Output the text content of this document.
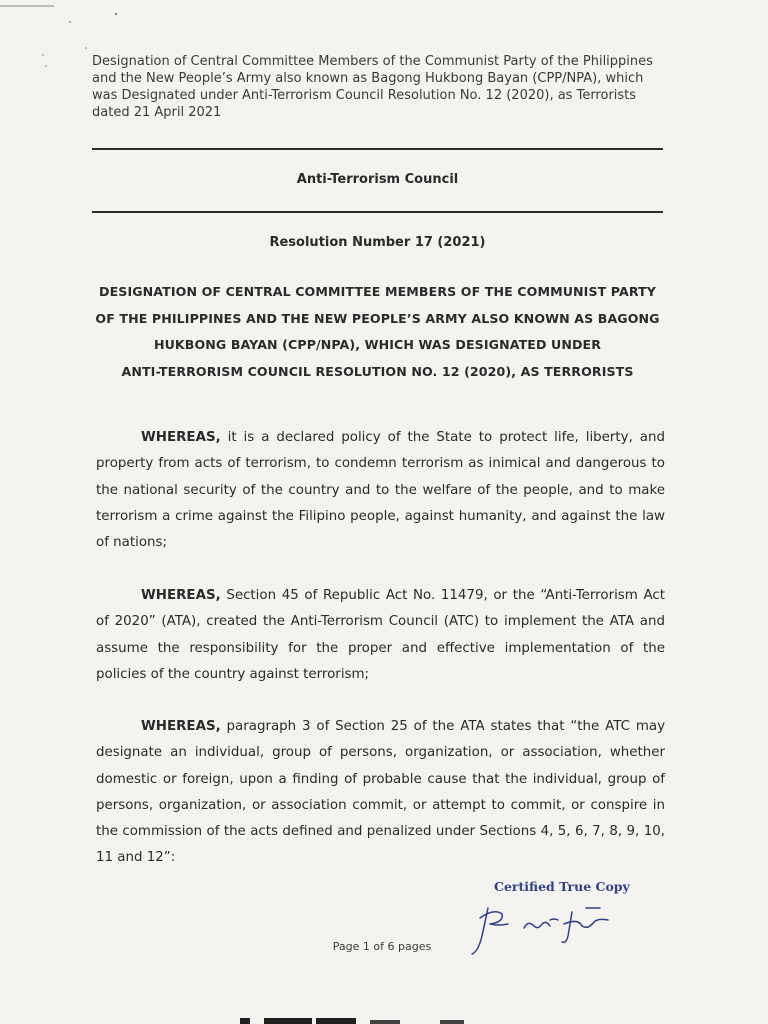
Designation of Central Committee Members of the Communist Party of the Philippines and the New People’s Army also known as Bagong Hukbong Bayan (CPP/NPA), which was Designated under Anti-Terrorism Council Resolution No. 12 (2020), as Terrorists dated 21 April 2021
Anti-Terrorism Council
Resolution Number 17 (2021)
DESIGNATION OF CENTRAL COMMITTEE MEMBERS OF THE COMMUNIST PARTY
OF THE PHILIPPINES AND THE NEW PEOPLE’S ARMY ALSO KNOWN AS BAGONG
HUKBONG BAYAN (CPP/NPA), WHICH WAS DESIGNATED UNDER
ANTI-TERRORISM COUNCIL RESOLUTION NO. 12 (2020), AS TERRORISTS
WHEREAS, it is a declared policy of the State to protect life, liberty, and property from acts of terrorism, to condemn terrorism as inimical and dangerous to the national security of the country and to the welfare of the people, and to make terrorism a crime against the Filipino people, against humanity, and against the law of nations;
WHEREAS, Section 45 of Republic Act No. 11479, or the “Anti-Terrorism Act of 2020” (ATA), created the Anti-Terrorism Council (ATC) to implement the ATA and assume the responsibility for the proper and effective implementation of the policies of the country against terrorism;
WHEREAS, paragraph 3 of Section 25 of the ATA states that “the ATC may designate an individual, group of persons, organization, or association, whether domestic or foreign, upon a finding of probable cause that the individual, group of persons, organization, or association commit, or attempt to commit, or conspire in the commission of the acts defined and penalized under Sections 4, 5, 6, 7, 8, 9, 10, 11 and 12”:
Certified True Copy
Page 1 of 6 pages
